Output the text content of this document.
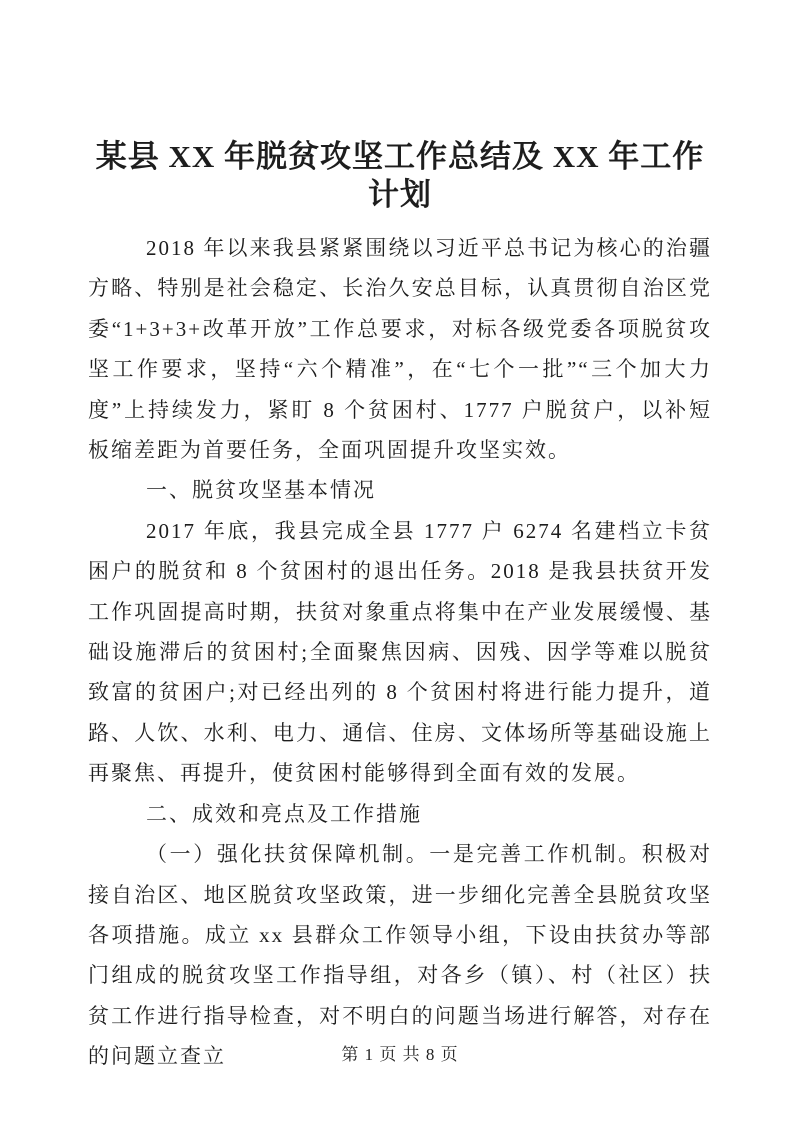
某县 XX 年脱贫攻坚工作总结及 XX 年工作计划

2018 年以来我县紧紧围绕以习近平总书记为核心的治疆方略、特别是社会稳定、长治久安总目标，认真贯彻自治区党委“1+3+3+改革开放”工作总要求，对标各级党委各项脱贫攻坚工作要求，坚持“六个精准”，在“七个一批”“三个加大力度”上持续发力，紧盯 8 个贫困村、1777 户脱贫户，以补短板缩差距为首要任务，全面巩固提升攻坚实效。

一、脱贫攻坚基本情况

2017 年底，我县完成全县 1777 户 6274 名建档立卡贫困户的脱贫和 8 个贫困村的退出任务。2018 是我县扶贫开发工作巩固提高时期，扶贫对象重点将集中在产业发展缓慢、基础设施滞后的贫困村;全面聚焦因病、因残、因学等难以脱贫致富的贫困户;对已经出列的 8 个贫困村将进行能力提升，道路、人饮、水利、电力、通信、住房、文体场所等基础设施上再聚焦、再提升，使贫困村能够得到全面有效的发展。

二、成效和亮点及工作措施

（一）强化扶贫保障机制。一是完善工作机制。积极对接自治区、地区脱贫攻坚政策，进一步细化完善全县脱贫攻坚各项措施。成立 xx 县群众工作领导小组，下设由扶贫办等部门组成的脱贫攻坚工作指导组，对各乡（镇）、村（社区）扶贫工作进行指导检查，对不明白的问题当场进行解答，对存在的问题立查立	第 1 页 共 8 页
